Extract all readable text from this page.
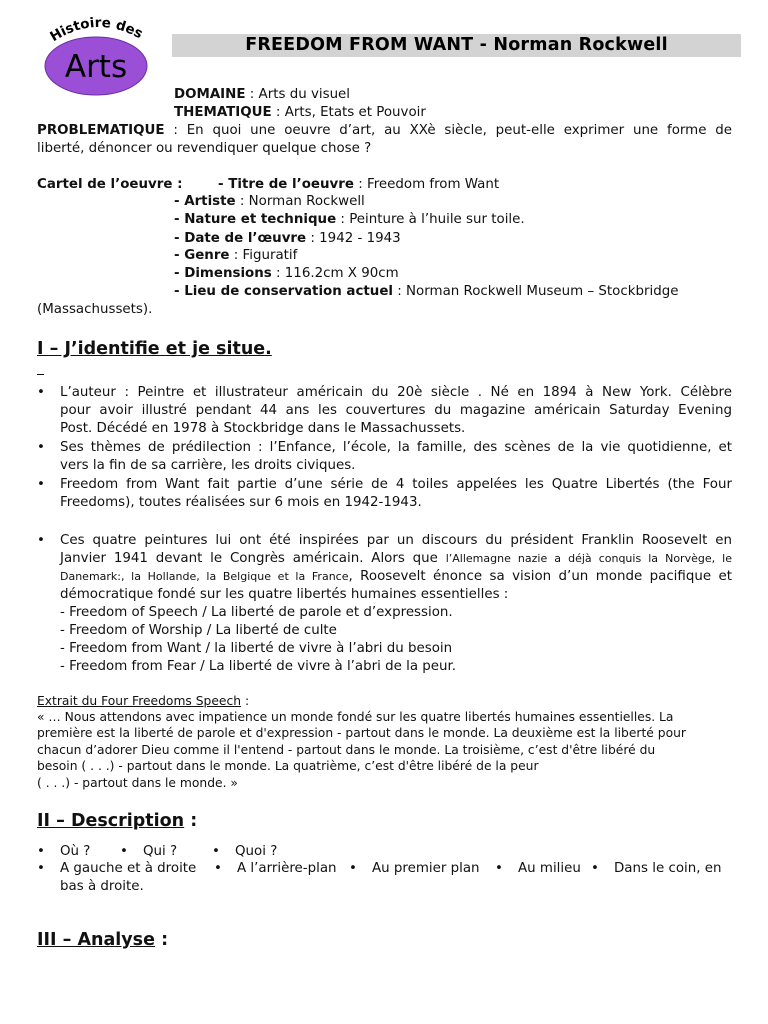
Histoire des
Arts
FREEDOM FROM WANT - Norman Rockwell
DOMAINE : Arts du visuel
THEMATIQUE : Arts, Etats et Pouvoir
PROBLEMATIQUE : En quoi une oeuvre d’art, au XXè siècle, peut-elle exprimer une forme de
liberté, dénoncer ou revendiquer quelque chose ?
Cartel de l’oeuvre :	- Titre de l’oeuvre : Freedom from Want
- Artiste : Norman Rockwell
- Nature et technique : Peinture à l’huile sur toile.
- Date de l’œuvre : 1942 - 1943
- Genre : Figuratif
- Dimensions : 116.2cm X 90cm
- Lieu de conservation actuel : Norman Rockwell Museum – Stockbridge
(Massachussets).
I – J’identifie et je situe.
• L’auteur : Peintre et illustrateur américain du 20è siècle . Né en 1894 à New York. Célèbre
pour avoir illustré pendant 44 ans les couvertures du magazine américain Saturday Evening
Post. Décédé en 1978 à Stockbridge dans le Massachussets.
• Ses thèmes de prédilection : l’Enfance, l’école, la famille, des scènes de la vie quotidienne, et
vers la fin de sa carrière, les droits civiques.
• Freedom from Want fait partie d’une série de 4 toiles appelées les Quatre Libertés (the Four
Freedoms), toutes réalisées sur 6 mois en 1942-1943.
• Ces quatre peintures lui ont été inspirées par un discours du président Franklin Roosevelt en
Janvier 1941 devant le Congrès américain. Alors que l’Allemagne nazie a déjà conquis la Norvège, le
Danemark:, la Hollande, la Belgique et la France, Roosevelt énonce sa vision d’un monde pacifique et
démocratique fondé sur les quatre libertés humaines essentielles :
- Freedom of Speech / La liberté de parole et d’expression.
- Freedom of Worship / La liberté de culte
- Freedom from Want / la liberté de vivre à l’abri du besoin
- Freedom from Fear / La liberté de vivre à l’abri de la peur.
Extrait du Four Freedoms Speech :
« … Nous attendons avec impatience un monde fondé sur les quatre libertés humaines essentielles. La
première est la liberté de parole et d'expression - partout dans le monde. La deuxième est la liberté pour
chacun d’adorer Dieu comme il l'entend - partout dans le monde. La troisième, c’est d'être libéré du
besoin ( . . .) - partout dans le monde. La quatrième, c’est d'être libéré de la peur
( . . .) - partout dans le monde. »
II – Description :
• Où ?	• Qui ?	• Quoi ?
• A gauche et à droite	• A l’arrière-plan	• Au premier plan	• Au milieu • Dans le coin, en
bas à droite.
III – Analyse :
